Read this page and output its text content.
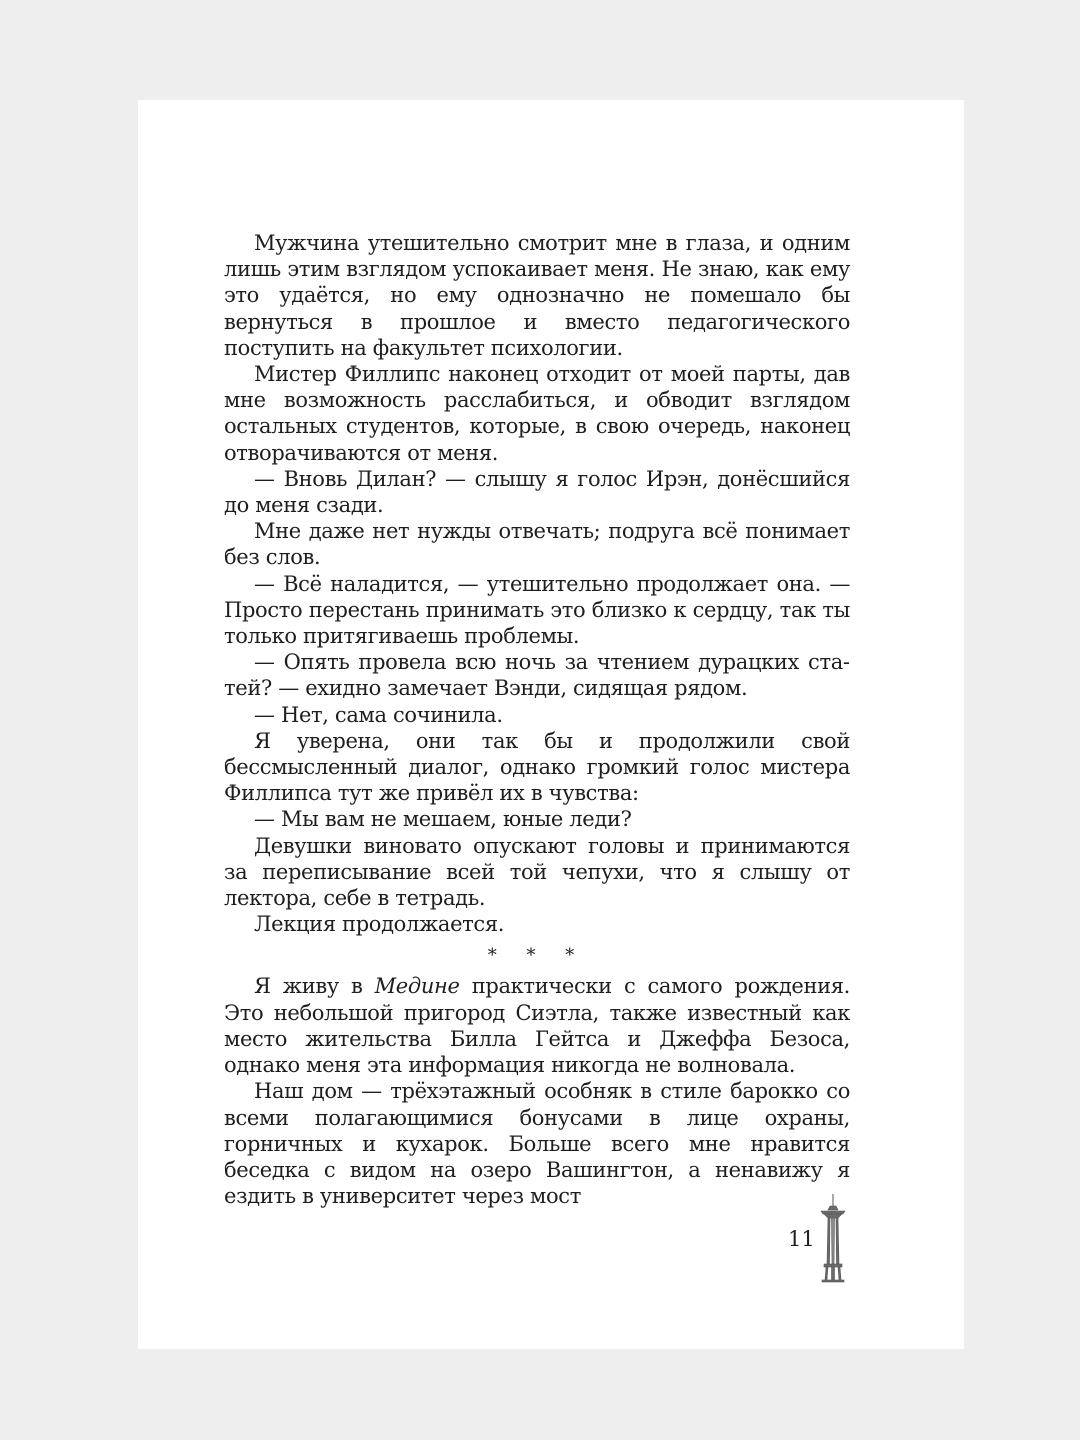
Мужчина утешительно смотрит мне в глаза, и одним лишь этим взглядом успокаивает меня. Не знаю, как ему это удаётся, но ему однозначно не помешало бы вернуться в прошлое и вместо педагогического поступить на факультет психологии.

Мистер Филлипс наконец отходит от моей парты, дав мне возможность расслабиться, и обводит взглядом остальных студентов, которые, в свою очередь, наконец отворачиваются от меня.

— Вновь Дилан? — слышу я голос Ирэн, донёсшийся до меня сзади.

Мне даже нет нужды отвечать; подруга всё понимает без слов.

— Всё наладится, — утешительно продолжает она. — Просто перестань принимать это близко к сердцу, так ты только притягиваешь проблемы.

— Опять провела всю ночь за чтением дурацких статей? — ехидно замечает Вэнди, сидящая рядом.

— Нет, сама сочинила.

Я уверена, они так бы и продолжили свой бессмысленный диалог, однако громкий голос мистера Филлипса тут же привёл их в чувства:

— Мы вам не мешаем, юные леди?

Девушки виновато опускают головы и принимаются за переписывание всей той чепухи, что я слышу от лектора, себе в тетрадь.

Лекция продолжается.

* * *

Я живу в Медине практически с самого рождения. Это небольшой пригород Сиэтла, также известный как место жительства Билла Гейтса и Джеффа Безоса, однако меня эта информация никогда не волновала.

Наш дом — трёхэтажный особняк в стиле барокко со всеми полагающимися бонусами в лице охраны, горничных и кухарок. Больше всего мне нравится беседка с видом на озеро Вашингтон, а ненавижу я ездить в университет через мост

11
